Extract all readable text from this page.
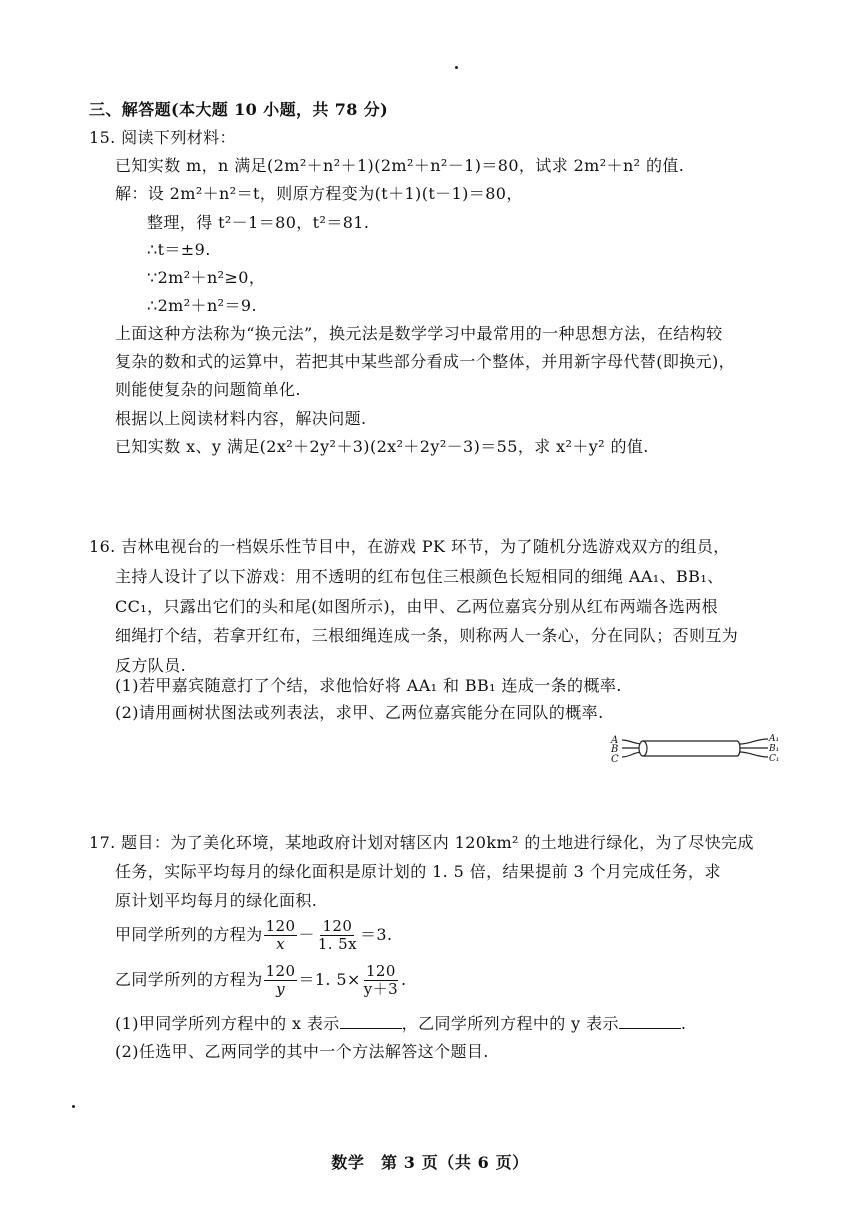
三、解答题(本大题 10 小题，共 78 分)
15. 阅读下列材料：
已知实数 m，n 满足(2m²＋n²＋1)(2m²＋n²－1)＝80，试求 2m²＋n² 的值.
解：设 2m²＋n²＝t，则原方程变为(t＋1)(t－1)＝80，
整理，得 t²－1＝80，t²＝81.
∴t＝±9.
∵2m²＋n²≥0，
∴2m²＋n²＝9.
上面这种方法称为“换元法”，换元法是数学学习中最常用的一种思想方法，在结构较
复杂的数和式的运算中，若把其中某些部分看成一个整体，并用新字母代替(即换元)，
则能使复杂的问题简单化.
根据以上阅读材料内容，解决问题.
已知实数 x、y 满足(2x²＋2y²＋3)(2x²＋2y²－3)＝55，求 x²＋y² 的值.
16. 吉林电视台的一档娱乐性节目中，在游戏 PK 环节，为了随机分选游戏双方的组员，
主持人设计了以下游戏：用不透明的红布包住三根颜色长短相同的细绳 AA₁、BB₁、
CC₁，只露出它们的头和尾(如图所示)，由甲、乙两位嘉宾分别从红布两端各选两根
细绳打个结，若拿开红布，三根细绳连成一条，则称两人一条心，分在同队；否则互为
反方队员.
(1)若甲嘉宾随意打了个结，求他恰好将 AA₁ 和 BB₁ 连成一条的概率.
(2)请用画树状图法或列表法，求甲、乙两位嘉宾能分在同队的概率.
A
B
C
A₁
B₁
C₁
17. 题目：为了美化环境，某地政府计划对辖区内 120km² 的土地进行绿化，为了尽快完成
任务，实际平均每月的绿化面积是原计划的 1. 5 倍，结果提前 3 个月完成任务，求
原计划平均每月的绿化面积.
甲同学所列的方程为 $\frac{120}{x} - \frac{120}{1. 5x} =3$.
乙同学所列的方程为 $\frac{120}{y} =1$. $5\times \frac{120}{y+3}$ .
(1)甲同学所列方程中的 x 表示	，乙同学所列方程中的 y 表示	.
(2)任选甲、乙两同学的其中一个方法解答这个题目.
数学　第 3 页（共 6 页）
